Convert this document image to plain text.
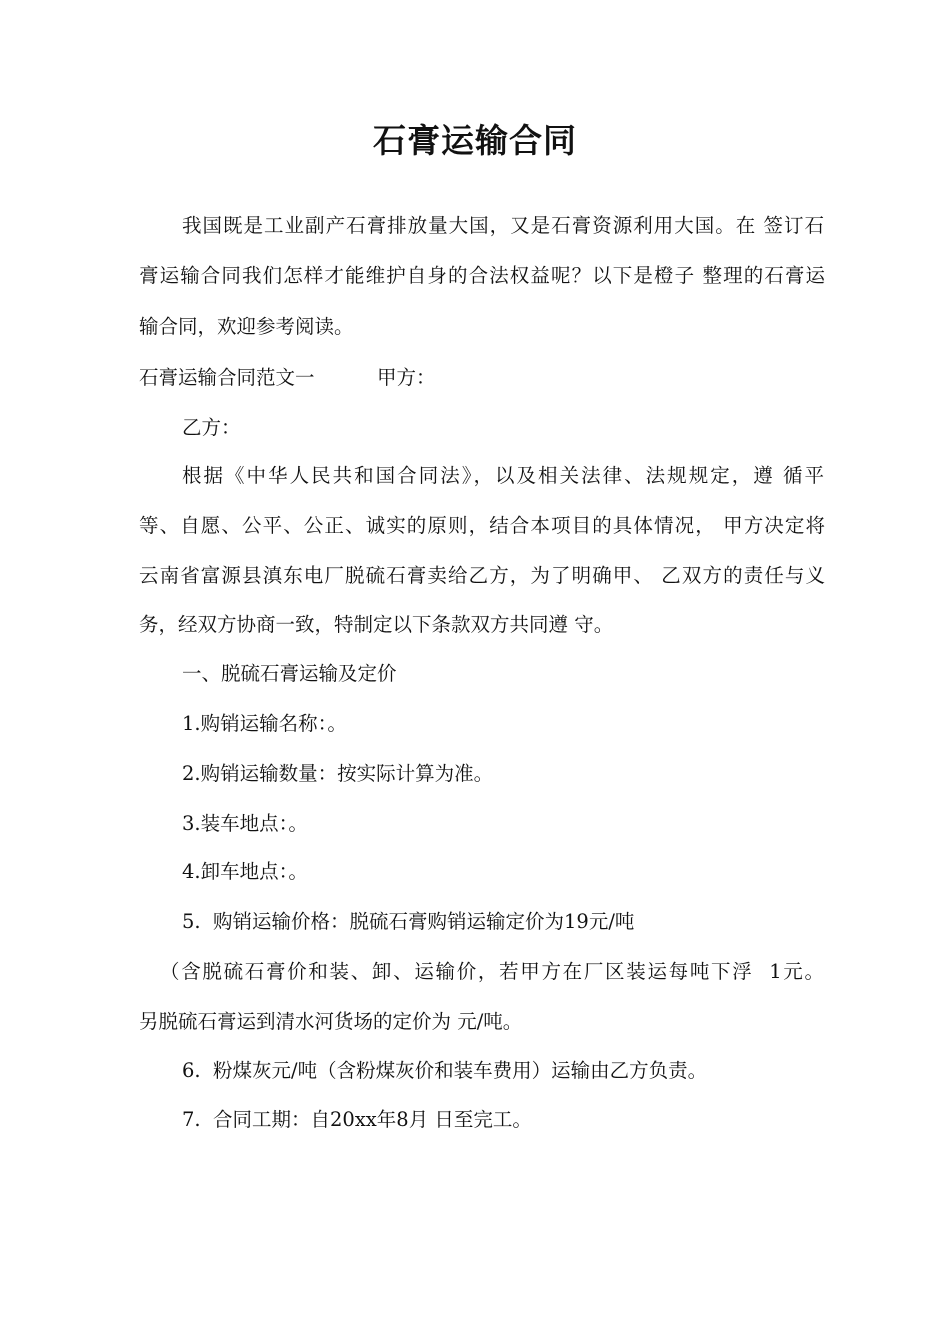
石膏运输合同
我国既是工业副产石膏排放量大国，又是石膏资源利用大国。在 签订石
膏运输合同我们怎样才能维护自身的合法权益呢？以下是橙子 整理的石膏运
输合同，欢迎参考阅读。
石膏运输合同范文一	甲方：
乙方：
根据《中华人民共和国合同法》，以及相关法律、法规规定，遵 循平
等、自愿、公平、公正、诚实的原则，结合本项目的具体情况， 甲方决定将
云南省富源县滇东电厂脱硫石膏卖给乙方，为了明确甲、 乙双方的责任与义
务，经双方协商一致，特制定以下条款双方共同遵 守。
一、脱硫石膏运输及定价
1.购销运输名称：。
2.购销运输数量：按实际计算为准。
3.装车地点：。
4.卸车地点：。
5.  购销运输价格：脱硫石膏购销运输定价为19元/吨
（含脱硫石膏价和装、卸、运输价，若甲方在厂区装运每吨下浮  1元。
另脱硫石膏运到清水河货场的定价为 元/吨。
6.  粉煤灰元/吨（含粉煤灰价和装车费用）运输由乙方负责。
7.  合同工期：自20xx年8月 日至完工。
